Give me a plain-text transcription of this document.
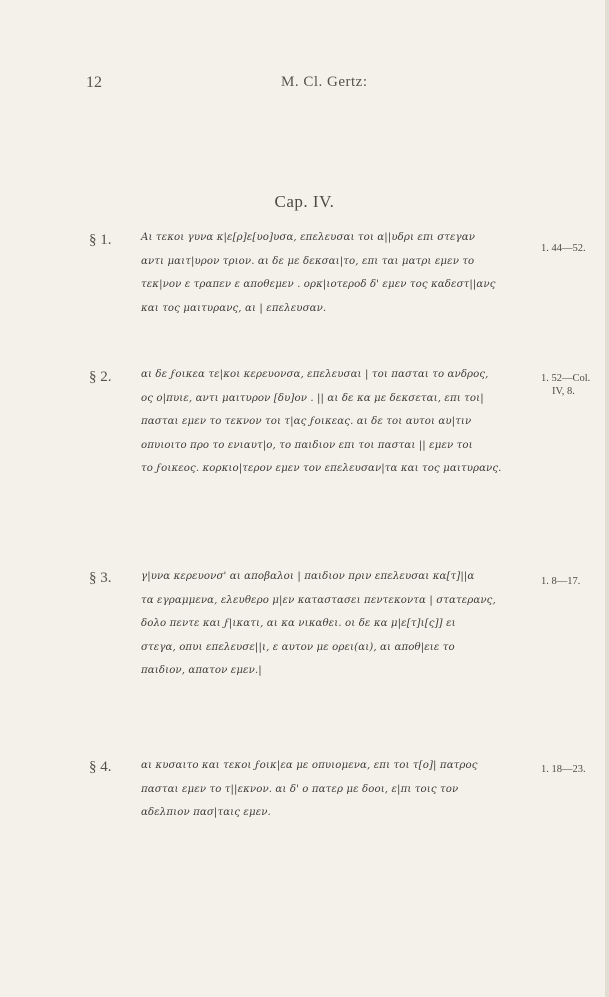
12	M. Cl. Gertz:
Cap. IV.
§ 1.	Αι τεκοι γυνα κ|ε[ρ]ε[υο]υσα, επελευσαι τοι α||υδρι επι στεγαν
αντι μαιτ|υρον τριον. αι δε με δεκσαι|το, επι ται ματρι εμεν το
τεκ|νον ε τραπεν ε αποθεμεν . ορκ|ιοτεροδ δ' εμεν τος καδεστ||ανς
και τος μαιτυρανς, αι | επελευσαν.
1. 44—52.
§ 2.	αι δε ϝοικεα τε|κοι κερευονσα, επελευσαι | τοι πασται το ανδρος,
ος ο|πυιε, αντι μαιτυρον [δυ]ον . || αι δε κα με δεκσεται, επι τοι|
πασται εμεν το τεκνον τοι τ|ας ϝοικεας. αι δε τοι αυτοι αυ|τιν
οπυιοιτο προ το ενιαυτ|ο, το παιδιον επι τοι πασται || εμεν τοι
το ϝοικεος. κορκιο|τερον εμεν τον επελευσαν|τα και τος μαιτυρανς.
1. 52—Col.
IV, 8.
§ 3.	γ|υνα κερευονσ' αι αποβαλοι | παιδιον πριν επελευσαι κα[τ]||α
τα εγραμμενα, ελευθερο μ|εν καταστασει πεντεκοντα | στατερανς,
δολο πεντε και ϝ|ικατι, αι κα νικαθει. οι δε κα μ|ε[τ]ι[ς]] ει
στεγα, οπυι επελευσε||ι, ε αυτον με ορει(αι), αι αποθ|ειε το
παιδιον, απατον εμεν.|
1. 8—17.
§ 4.	αι κυσαιτο και τεκοι ϝοικ|εα με οπυιομενα, επι τοι τ[ο]| πατρος
πασται εμεν το τ||εκνον. αι δ' ο πατερ με δοοι, ε|πι τοις τον
αδελπιον πασ|ταις εμεν.
1. 18—23.
